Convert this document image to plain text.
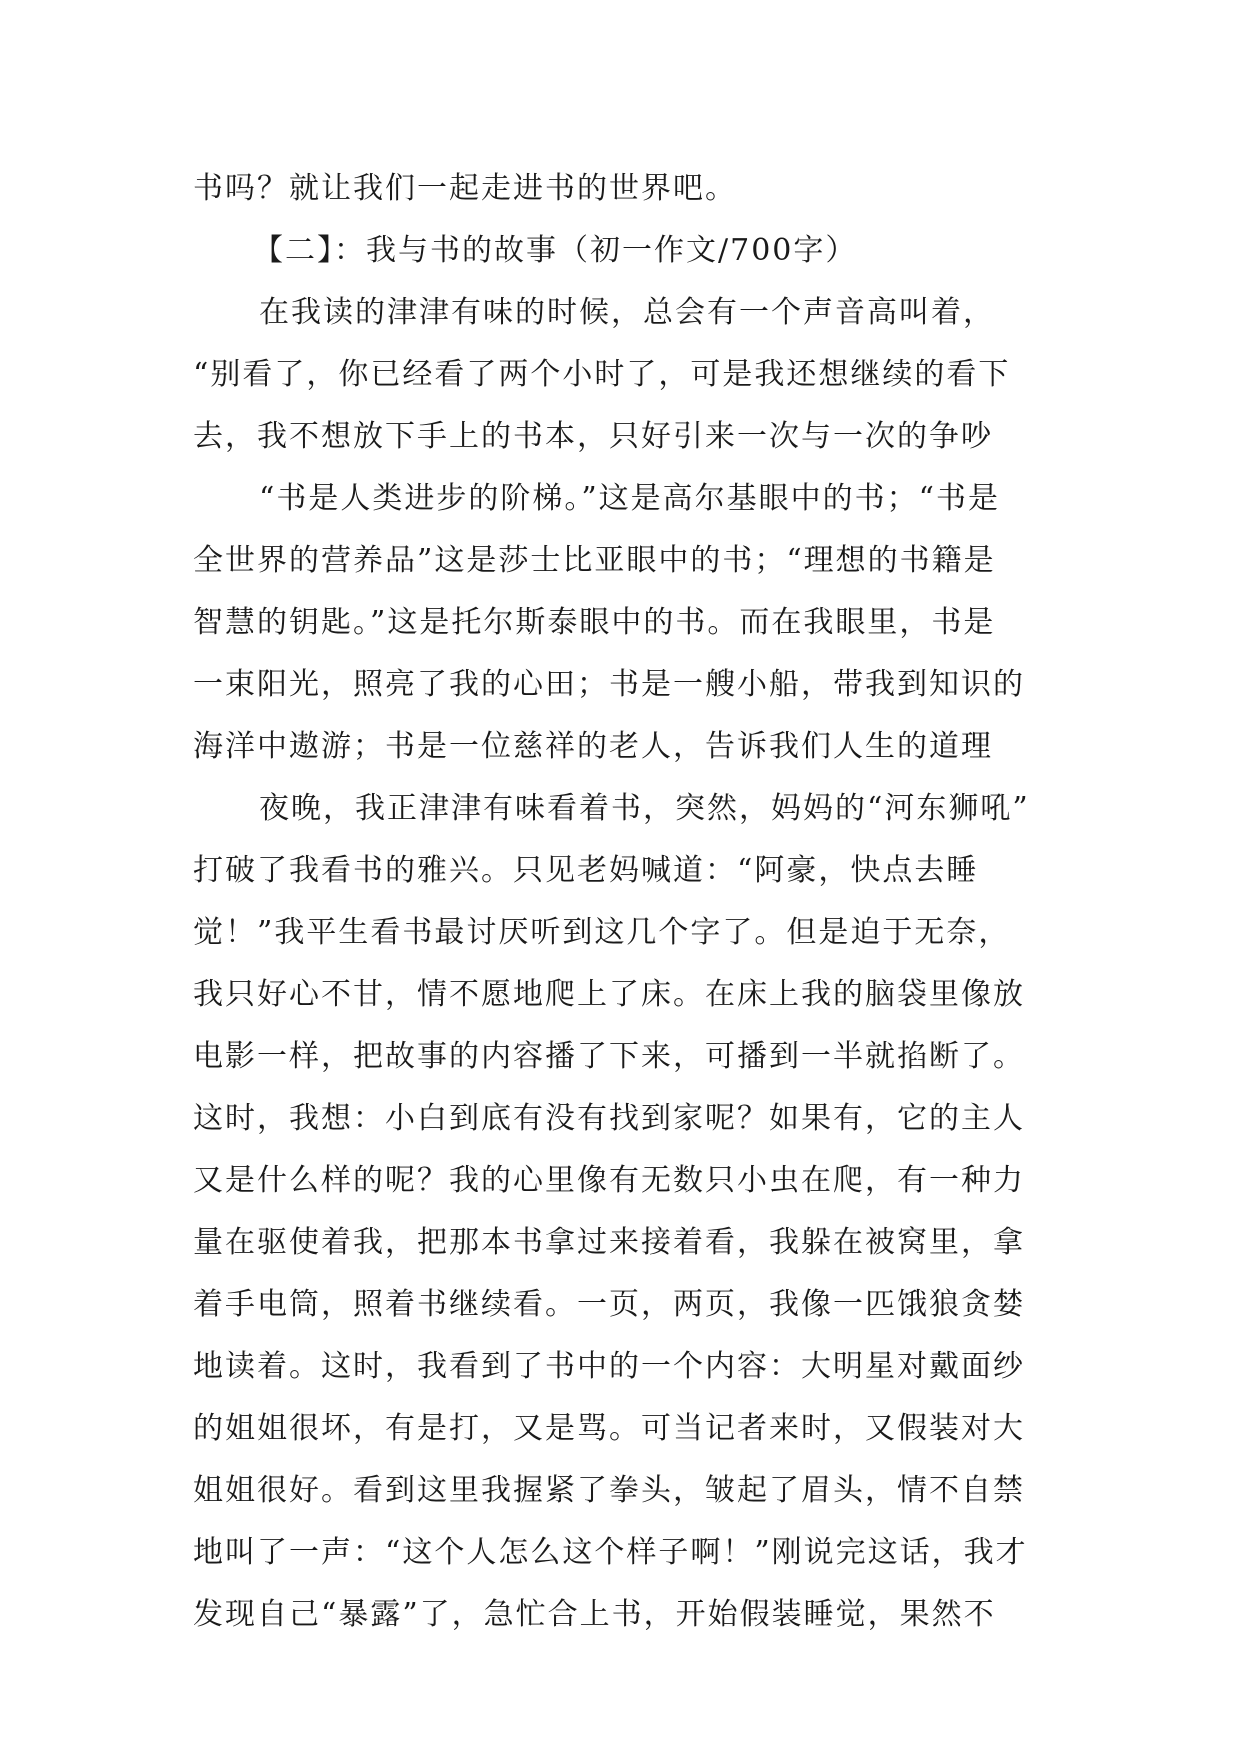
书吗？就让我们一起走进书的世界吧。
【二】：我与书的故事（初一作文/700字）
在我读的津津有味的时候，总会有一个声音高叫着，
“别看了，你已经看了两个小时了，可是我还想继续的看下
去，我不想放下手上的书本，只好引来一次与一次的争吵
“书是人类进步的阶梯。”这是高尔基眼中的书；“书是
全世界的营养品”这是莎士比亚眼中的书；“理想的书籍是
智慧的钥匙。”这是托尔斯泰眼中的书。而在我眼里，书是
一束阳光，照亮了我的心田；书是一艘小船，带我到知识的
海洋中遨游；书是一位慈祥的老人，告诉我们人生的道理
夜晚，我正津津有味看着书，突然，妈妈的“河东狮吼”
打破了我看书的雅兴。只见老妈喊道：“阿豪，快点去睡
觉！”我平生看书最讨厌听到这几个字了。但是迫于无奈，
我只好心不甘，情不愿地爬上了床。在床上我的脑袋里像放
电影一样，把故事的内容播了下来，可播到一半就掐断了。
这时，我想：小白到底有没有找到家呢？如果有，它的主人
又是什么样的呢？我的心里像有无数只小虫在爬，有一种力
量在驱使着我，把那本书拿过来接着看，我躲在被窝里，拿
着手电筒，照着书继续看。一页，两页，我像一匹饿狼贪婪
地读着。这时，我看到了书中的一个内容：大明星对戴面纱
的姐姐很坏，有是打，又是骂。可当记者来时，又假装对大
姐姐很好。看到这里我握紧了拳头，皱起了眉头，情不自禁
地叫了一声：“这个人怎么这个样子啊！”刚说完这话，我才
发现自己“暴露”了，急忙合上书，开始假装睡觉，果然不
